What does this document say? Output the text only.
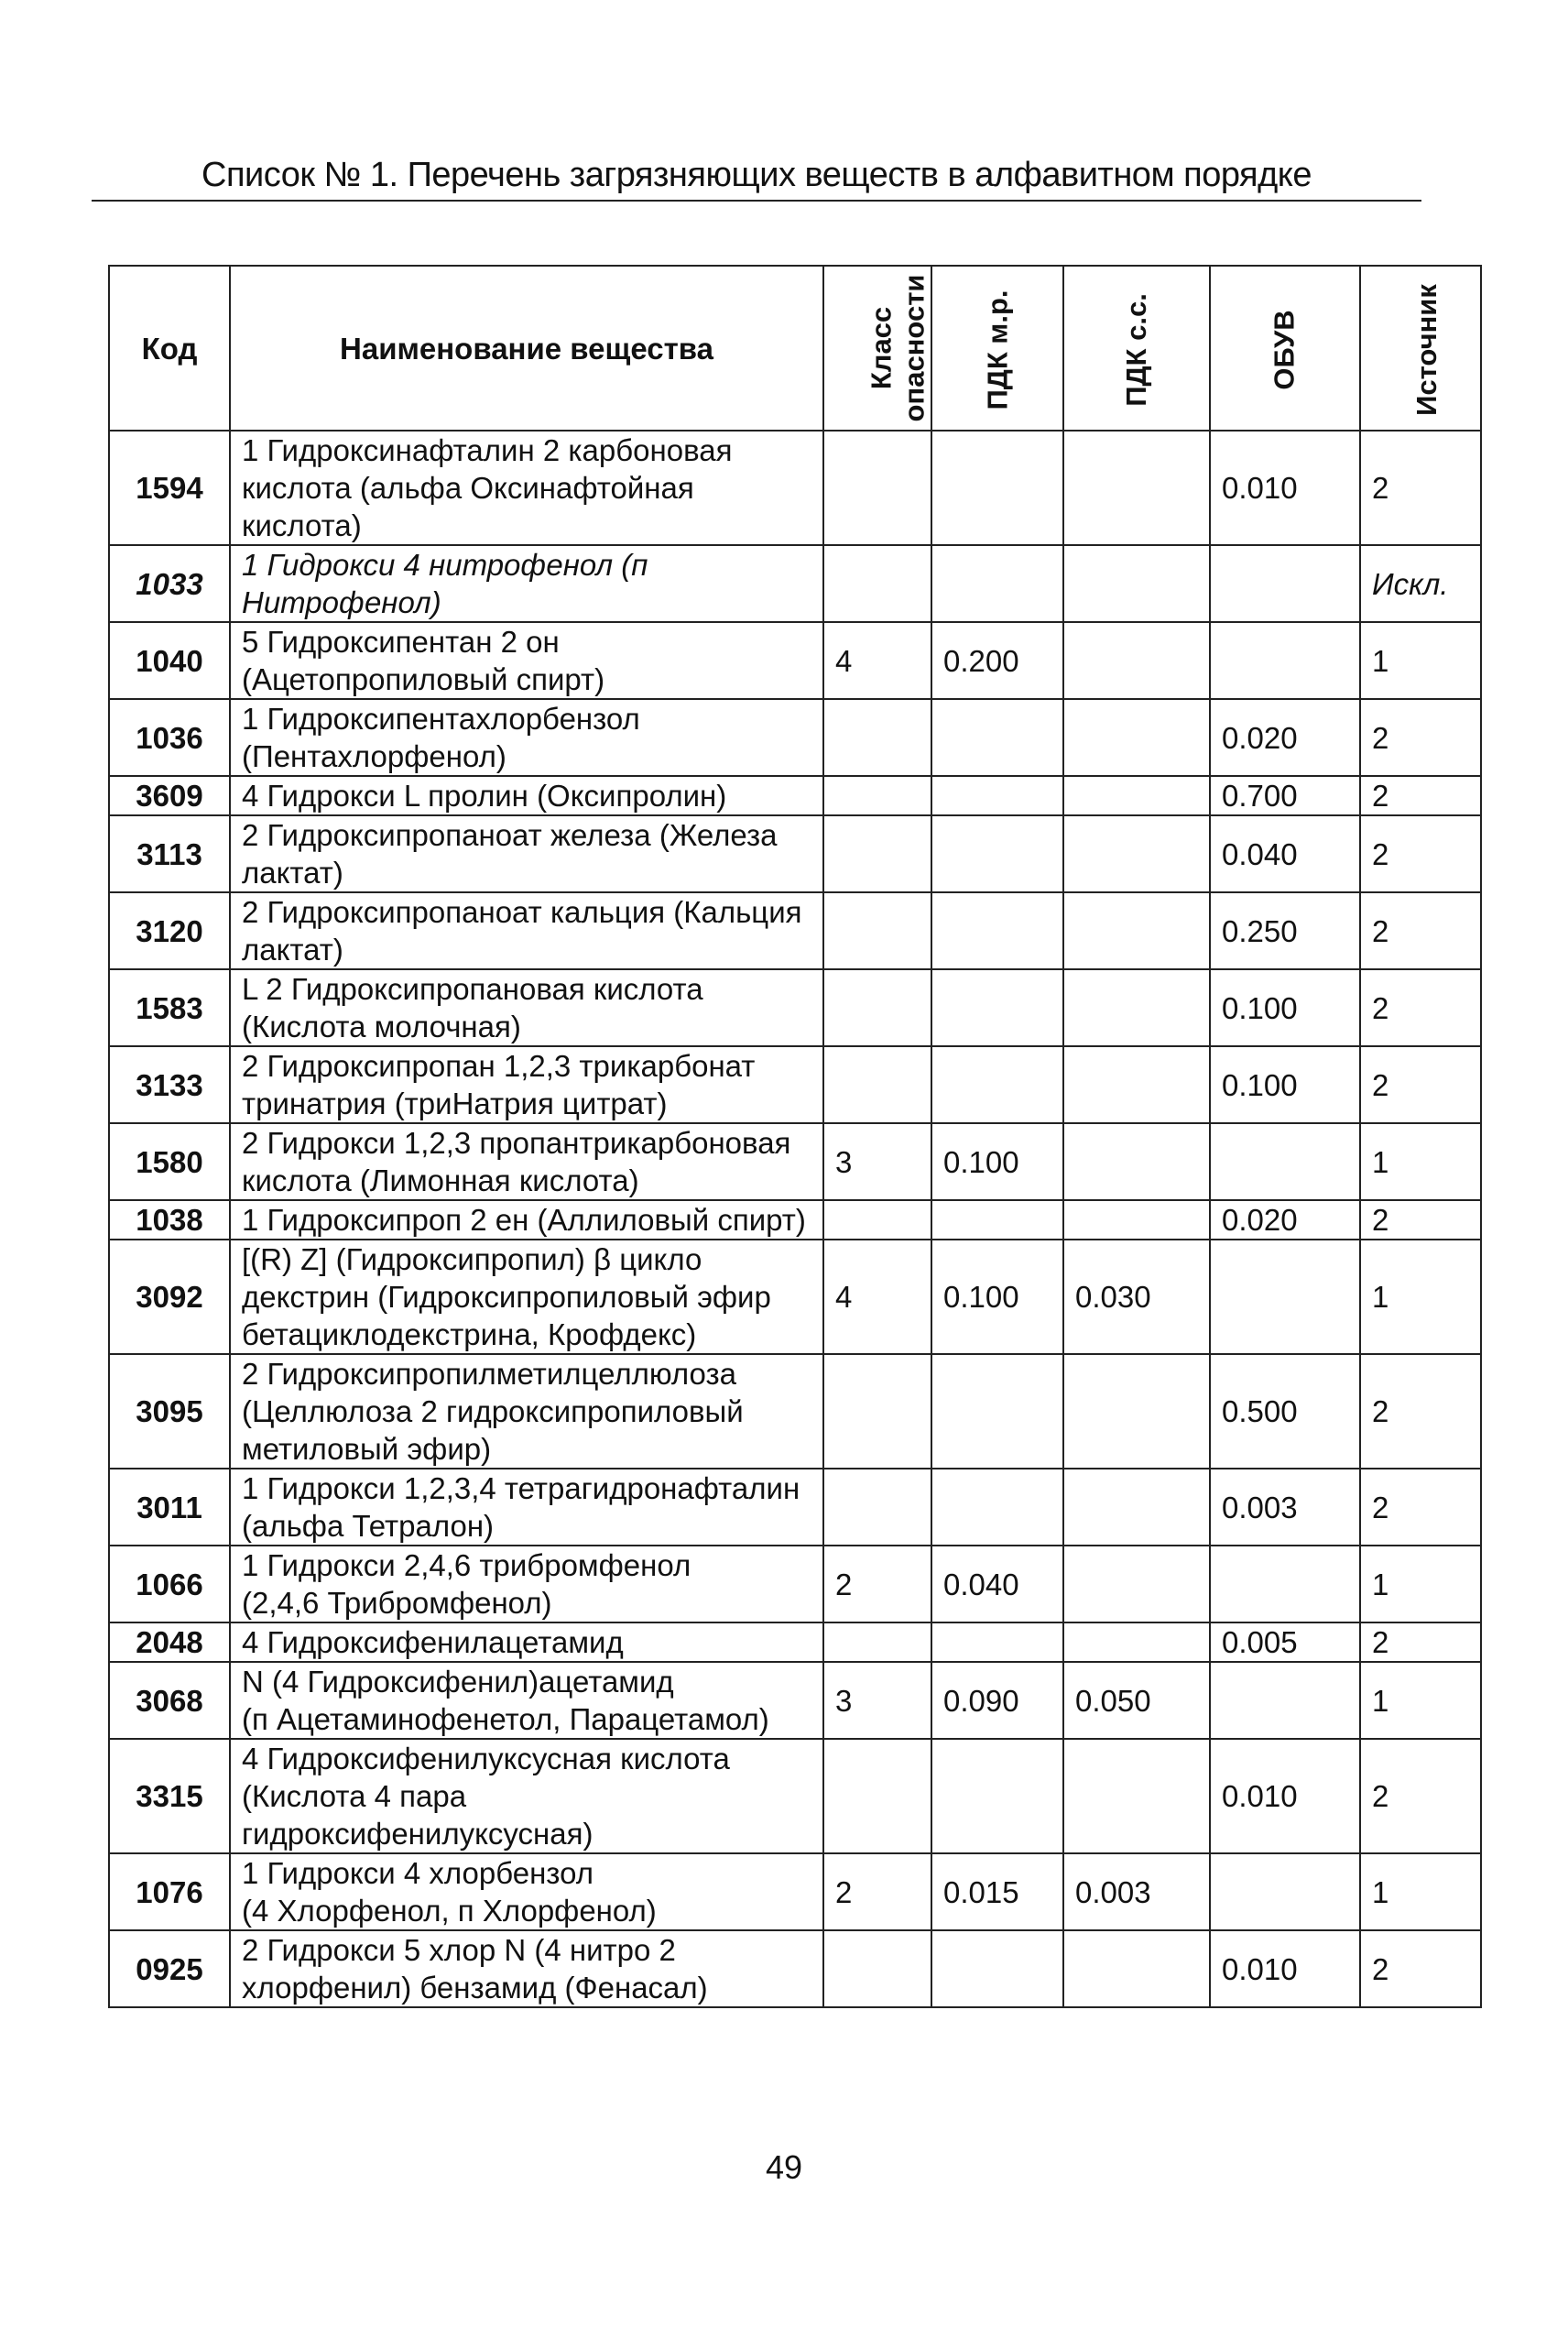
Список № 1. Перечень загрязняющих веществ в алфавитном порядке
Код	Наименование вещества	Класс
опасности	ПДК м.р.	ПДК с.с.	ОБУВ	Источник
1594	1 Гидроксинафталин 2 карбоновая
кислота (альфа Оксинафтойная кислота)				0.010	2
1033	1 Гидрокси 4 нитрофенол (п Нитрофенол)					Искл.
1040	5 Гидроксипентан 2 он
(Ацетопропиловый спирт)	4	0.200			1
1036	1 Гидроксипентахлорбензол
(Пентахлорфенол)				0.020	2
3609	4 Гидрокси L пролин (Оксипролин)				0.700	2
3113	2 Гидроксипропаноат железа (Железа
лактат)				0.040	2
3120	2 Гидроксипропаноат кальция (Кальция
лактат)				0.250	2
1583	L 2 Гидроксипропановая кислота
(Кислота молочная)				0.100	2
3133	2 Гидроксипропан 1,2,3 трикарбонат
тринатрия (триНатрия цитрат)				0.100	2
1580	2 Гидрокси 1,2,3 пропантрикарбоновая
кислота (Лимонная кислота)	3	0.100			1
1038	1 Гидроксипроп 2 ен (Аллиловый спирт)				0.020	2
3092	[(R) Z] (Гидроксипропил) β цикло
декстрин (Гидроксипропиловый эфир
бетациклодекстрина, Крофдекс)	4	0.100	0.030		1
3095	2 Гидроксипропилметилцеллюлоза
(Целлюлоза 2 гидроксипропиловый
метиловый эфир)				0.500	2
3011	1 Гидрокси 1,2,3,4 тетрагидронафталин
(альфа Тетралон)				0.003	2
1066	1 Гидрокси 2,4,6 трибромфенол
(2,4,6 Трибромфенол)	2	0.040			1
2048	4 Гидроксифенилацетамид				0.005	2
3068	N (4 Гидроксифенил)ацетамид
(п Ацетаминофенетол, Парацетамол)	3	0.090	0.050		1
3315	4 Гидроксифенилуксусная кислота
(Кислота 4 пара гидроксифенилуксусная)				0.010	2
1076	1 Гидрокси 4 хлорбензол
(4 Хлорфенол, п Хлорфенол)	2	0.015	0.003		1
0925	2 Гидрокси 5 хлор N (4 нитро 2
хлорфенил) бензамид (Фенасал)				0.010	2
49
